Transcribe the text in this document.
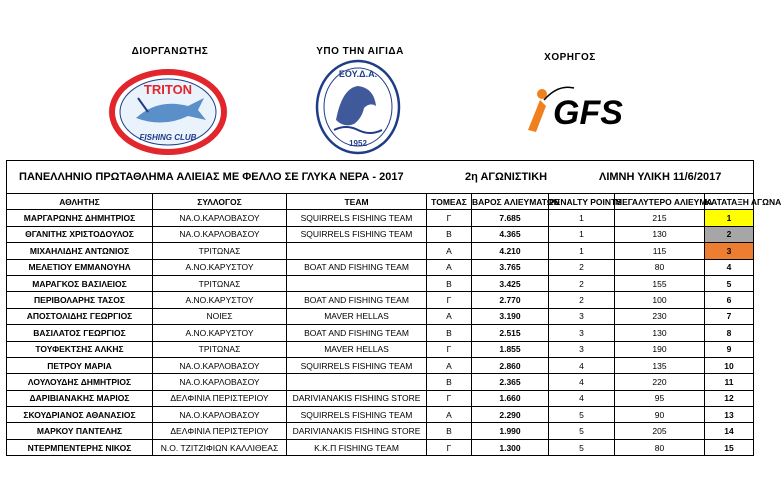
ΔΙΟΡΓΑΝΩΤΗΣ	ΥΠΟ ΤΗΝ ΑΙΓΙΔΑ
ΧΟΡΗΓΟΣ
TRITON
FISHING CLUB
ΕΟΥ.Δ.Α.
1952
GFS
ΠΑΝΕΛΛΗΝΙΟ ΠΡΩΤΑΘΛΗΜΑ ΑΛΙΕΙΑΣ ΜΕ ΦΕΛΛΟ ΣΕ ΓΛΥΚΑ ΝΕΡΑ - 2017 2η ΑΓΩΝΙΣΤΙΚΗ ΛΙΜΝΗ ΥΛΙΚΗ 11/6/2017							

ΑΘΛΗΤΗΣ	ΣΥΛΛΟΓΟΣ	TEAM	ΤΟΜΕΑΣ	ΒΑΡΟΣ ΑΛΙΕΥΜΑΤΩΝ	PENALTY POINTS	ΜΕΓΑΛΥΤΕΡΟ ΑΛΙΕΥΜΑ	ΚΑΤΑΤΑΞΗ ΑΓΩΝΑ
ΜΑΡΓΑΡΩΝΗΣ ΔΗΜΗΤΡΙΟΣ	ΝΑ.Ο.ΚΑΡΛΟΒΑΣΟΥ	SQUIRRELS FISHING TEAM	Γ	7.685	1	215	1
ΘΓΑΝΙΤΗΣ ΧΡΙΣΤΟΔΟΥΛΟΣ	ΝΑ.Ο.ΚΑΡΛΟΒΑΣΟΥ	SQUIRRELS FISHING TEAM	Β	4.365	1	130	2
ΜΙΧΑΗΛΙΔΗΣ ΑΝΤΩΝΙΟΣ	ΤΡΙΤΩΝΑΣ		Α	4.210	1	115	3
ΜΕΛΕΤΙΟΥ ΕΜΜΑΝΟΥΗΛ	Α.ΝΟ.ΚΑΡΥΣΤΟΥ	BOAT AND FISHING TEAM	Α	3.765	2	80	4
ΜΑΡΑΓΚΟΣ ΒΑΣΙΛΕΙΟΣ	ΤΡΙΤΩΝΑΣ		Β	3.425	2	155	5
ΠΕΡΙΒΟΛΑΡΗΣ ΤΑΣΟΣ	Α.ΝΟ.ΚΑΡΥΣΤΟΥ	BOAT AND FISHING TEAM	Γ	2.770	2	100	6
ΑΠΟΣΤΟΛΙΔΗΣ ΓΕΩΡΓΙΟΣ	ΝΟΙΕΣ	MAVER HELLAS	Α	3.190	3	230	7
ΒΑΣΙΛΑΤΟΣ ΓΕΩΡΓΙΟΣ	Α.ΝΟ.ΚΑΡΥΣΤΟΥ	BOAT AND FISHING TEAM	Β	2.515	3	130	8
ΤΟΥΦΕΚΤΣΗΣ ΑΛΚΗΣ	ΤΡΙΤΩΝΑΣ	MAVER HELLAS	Γ	1.855	3	190	9
ΠΕΤΡΟΥ ΜΑΡΙΑ	ΝΑ.Ο.ΚΑΡΛΟΒΑΣΟΥ	SQUIRRELS FISHING TEAM	Α	2.860	4	135	10
ΛΟΥΛΟΥΔΗΣ ΔΗΜΗΤΡΙΟΣ	ΝΑ.Ο.ΚΑΡΛΟΒΑΣΟΥ		Β	2.365	4	220	11
ΔΑΡΙΒΙΑΝΑΚΗΣ ΜΑΡΙΟΣ	ΔΕΛΦΙΝΙΑ ΠΕΡΙΣΤΕΡΙΟΥ	DARIVIANAKIS FISHING STORE	Γ	1.660	4	95	12
ΣΚΟΥΔΡΙΑΝΟΣ ΑΘΑΝΑΣΙΟΣ	ΝΑ.Ο.ΚΑΡΛΟΒΑΣΟΥ	SQUIRRELS FISHING TEAM	Α	2.290	5	90	13
ΜΑΡΚΟΥ ΠΑΝΤΕΛΗΣ	ΔΕΛΦΙΝΙΑ ΠΕΡΙΣΤΕΡΙΟΥ	DARIVIANAKIS FISHING STORE	Β	1.990	5	205	14
ΝΤΕΡΜΠΕΝΤΕΡΗΣ ΝΙΚΟΣ	Ν.Ο. ΤΖΙΤΖΙΦΙΩΝ ΚΑΛΛΙΘΕΑΣ	Κ.Κ.Π FISHING TEAM	Γ	1.300	5	80	15
